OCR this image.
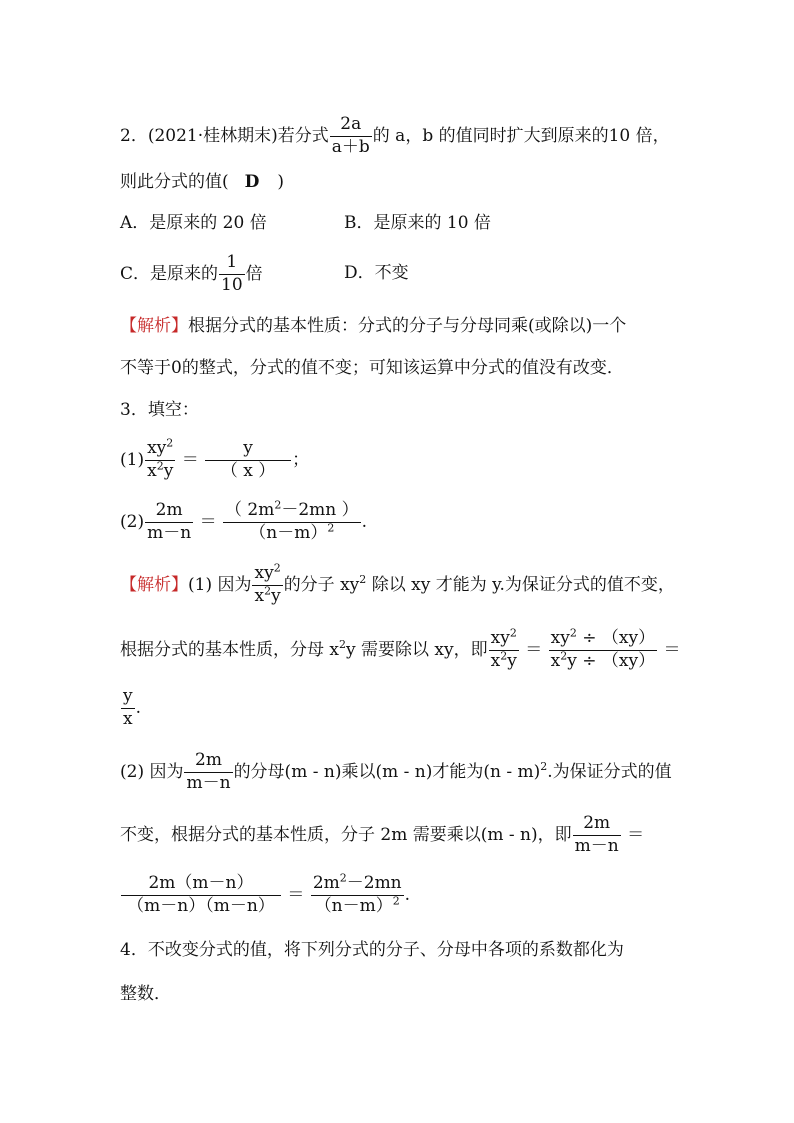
2．(2021·桂林期末)若分式 $\frac{2a}{a+b}$ 的 a，b 的值同时扩大到原来的10 倍，
则此分式的值( D )
A．是原来的 20 倍	B．是原来的 10 倍
C．是原来的 $\frac{1}{10}$ 倍	D．不变
【解析】根据分式的基本性质：分式的分子与分母同乘(或除以)一个
不等于0的整式，分式的值不变；可知该运算中分式的值没有改变．
3．填空：
$(1) \frac{xy^2}{x^2y} = \frac{y}{( x )}$ ；
$(2) \frac{2m}{m-n} = \frac{( 2m^2-2mn )}{(n-m)^2}$ .
【解析】(1) 因为 $\frac{xy^2}{x^2y}$ 的分子 $xy^2$ 除以 xy 才能为 y.为保证分式的值不变，
根据分式的基本性质，分母 $x^2y$ 需要除以 xy，即 $\frac{xy^2}{x^2y} = \frac{xy^2 \div (xy)}{x^2y \div (xy)}$ ＝
$\frac{y}{x}$ .
(2) 因为 $\frac{2m}{m-n}$ 的分母(m - n)乘以(m - n)才能为(n - m)$^2$.为保证分式的值
不变，根据分式的基本性质，分子 2m 需要乘以(m - n)，即 $\frac{2m}{m-n}$ ＝
$\frac{2m(m-n)}{(m-n)(m-n)} = \frac{2m^2-2mn}{(n-m)^2}$ .
4．不改变分式的值，将下列分式的分子、分母中各项的系数都化为
整数．
